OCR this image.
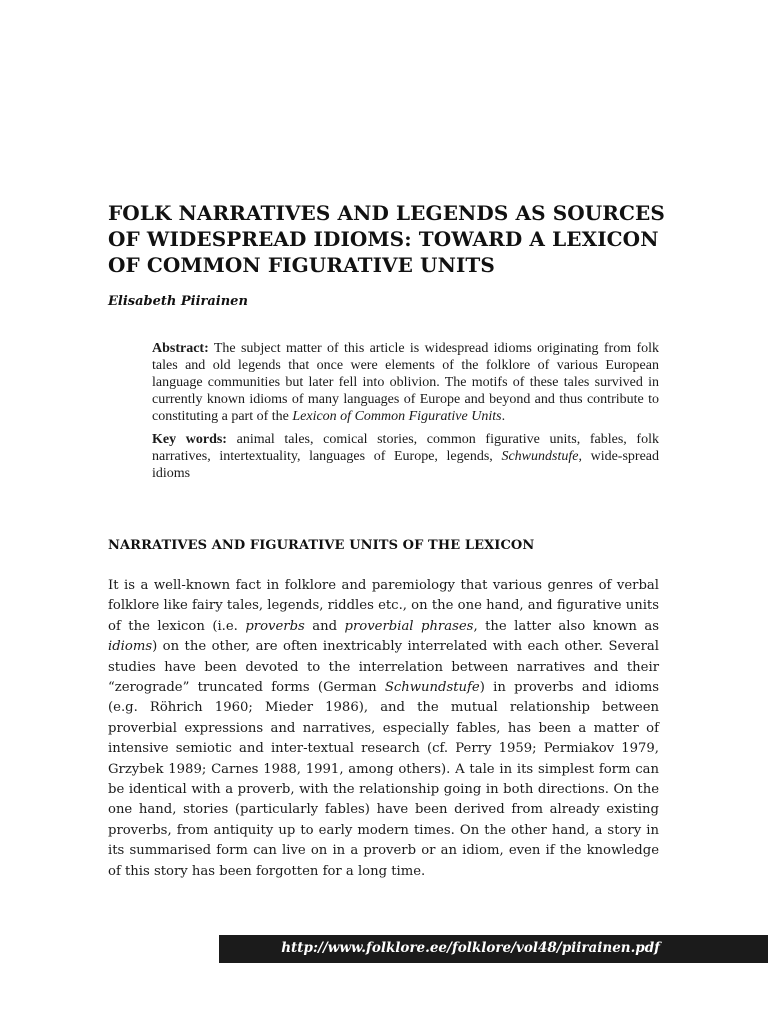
FOLK NARRATIVES AND LEGENDS AS SOURCES OF WIDESPREAD IDIOMS: TOWARD A LEXICON OF COMMON FIGURATIVE UNITS

Elisabeth Piirainen

Abstract: The subject matter of this article is widespread idioms originating from folk tales and old legends that once were elements of the folklore of various European language communities but later fell into oblivion. The motifs of these tales survived in currently known idioms of many languages of Europe and beyond and thus contribute to constituting a part of the Lexicon of Common Figurative Units.

Key words: animal tales, comical stories, common figurative units, fables, folk narratives, intertextuality, languages of Europe, legends, Schwundstufe, wide-spread idioms

NARRATIVES AND FIGURATIVE UNITS OF THE LEXICON

It is a well-known fact in folklore and paremiology that various genres of verbal folklore like fairy tales, legends, riddles etc., on the one hand, and figurative units of the lexicon (i.e. proverbs and proverbial phrases, the latter also known as idioms) on the other, are often inextricably interrelated with each other. Several studies have been devoted to the interrelation between narratives and their “zerograde” truncated forms (German Schwundstufe) in proverbs and idioms (e.g. Röhrich 1960; Mieder 1986), and the mutual relationship between proverbial expressions and narratives, especially fables, has been a matter of intensive semiotic and inter-textual research (cf. Perry 1959; Permiakov 1979, Grzybek 1989; Carnes 1988, 1991, among others). A tale in its simplest form can be identical with a proverb, with the relationship going in both directions. On the one hand, stories (particularly fables) have been derived from already existing proverbs, from antiquity up to early modern times. On the other hand, a story in its summarised form can live on in a proverb or an idiom, even if the knowledge of this story has been forgotten for a long time.

http://www.folklore.ee/folklore/vol48/piirainen.pdf
